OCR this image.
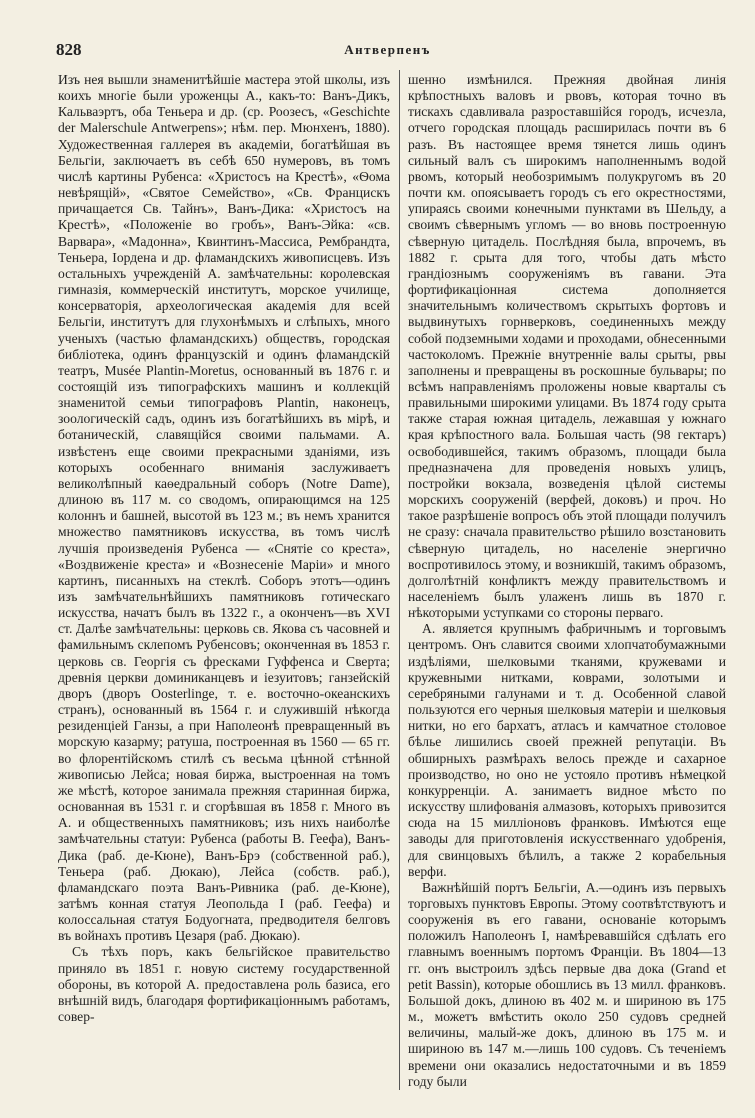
828	Антверпенъ

Изъ нея вышли знаменитѣйшіе мастера этой школы, изъ коихъ многіе были уроженцы А., какъ-то: Ванъ-Дикъ, Кальваэртъ, оба Теньера и др. (ср. Роозесъ, «Geschichte der Malerschule Antwerpens»; нѣм. пер. Мюнхенъ, 1880). Художественная галлерея въ академіи, богатѣйшая въ Бельгіи, заключаетъ въ себѣ 650 нумеровъ, въ томъ числѣ картины Рубенса: «Христосъ на Крестѣ», «Ѳома невѣрящій», «Святое Семейство», «Св. Францискъ причащается Св. Тайнъ», Ванъ-Дика: «Христосъ на Крестѣ», «Положеніе во гробъ», Ванъ-Эйка: «св. Варвара», «Мадонна», Квинтинъ-Массиса, Рембрандта, Теньера, Іорденa и др. фламандскихъ живописцевъ. Изъ остальныхъ учрежденій А. замѣчательны: королевская гимназія, коммерческій институтъ, морское училище, консерваторія, археологическая академія для всей Бельгіи, институтъ для глухонѣмыхъ и слѣпыхъ, много ученыхъ (частью фламандскихъ) обществъ, городская библіотека, одинъ французскій и одинъ фламандскій театръ, Musée Plantin-Moretus, основанный въ 1876 г. и состоящій изъ типографскихъ машинъ и коллекцій знаменитой семьи типографовъ Plantin, наконецъ, зоологическій садъ, одинъ изъ богатѣйшихъ въ мірѣ, и ботаническій, славящійся своими пальмами. А. извѣстенъ еще своими прекрасными зданіями, изъ которыхъ особеннаго вниманія заслуживаетъ великолѣпный каѳедральный соборъ (Notre Dame), длиною въ 117 м. со сводомъ, опирающимся на 125 колоннъ и башней, высотой въ 123 м.; въ немъ хранится множество памятниковъ искусства, въ томъ числѣ лучшія произведенія Рубенса — «Снятіе со креста», «Воздвиженіе креста» и «Вознесеніе Маріи» и много картинъ, писанныхъ на стеклѣ. Соборъ этотъ—одинъ изъ замѣчательнѣйшихъ памятниковъ готическаго искусства, начатъ былъ въ 1322 г., а оконченъ—въ XVI ст. Далѣе замѣчательны: церковь св. Якова съ часовней и фамильнымъ склепомъ Рубенсовъ; оконченная въ 1853 г. церковь св. Георгія съ фресками Гуффенса и Сверта; древнія церкви доминиканцевъ и іезуитовъ; ганзейскій дворъ (дворъ Oosterlinge, т. е. восточно-океанскихъ странъ), основанный въ 1564 г. и служившій нѣкогда резиденціей Ганзы, а при Наполеонѣ превращенный въ морскую казарму; ратуша, построенная въ 1560 — 65 гг. во флорентійскомъ стилѣ съ весьма цѣнной стѣнной живописью Лейса; новая биржа, выстроенная на томъ же мѣстѣ, которое занимала прежняя старинная биржа, основанная въ 1531 г. и сгорѣвшая въ 1858 г. Много въ А. и общественныхъ памятниковъ; изъ нихъ наиболѣе замѣчательны статуи: Рубенса (работы В. Геефа), Ванъ-Дика (раб. де-Кюне), Ванъ-Брэ (собственной раб.), Теньера (раб. Дюкаю), Лейса (собств. раб.), фламандскаго поэта Ванъ-Ривника (раб. де-Кюне), затѣмъ конная статуя Леопольда I (раб. Геефа) и колоссальная статуя Бодуогната, предводителя белговъ въ войнахъ противъ Цезаря (раб. Дюкаю).

Съ тѣхъ поръ, какъ бельгійское правительство приняло въ 1851 г. новую систему государственной обороны, въ которой А. предоставлена роль базиса, его внѣшній видъ, благодаря фортификаціоннымъ работамъ, совер-

шенно измѣнился. Прежняя двойная линія крѣпостныхъ валовъ и рвовъ, которая точно въ тискахъ сдавливала разроставшійся городъ, исчезла, отчего городская площадь расширилась почти въ 6 разъ. Въ настоящее время тянется лишь одинъ сильный валъ съ широкимъ наполненнымъ водой рвомъ, который необозримымъ полукругомъ въ 20 почти км. опоясываетъ городъ съ его окрестностями, упираясь своими конечными пунктами въ Шельду, а своимъ сѣвернымъ угломъ — во вновь построенную сѣверную цитадель. Послѣдняя была, впрочемъ, въ 1882 г. срыта для того, чтобы дать мѣсто грандіознымъ сооруженіямъ въ гавани. Эта фортификаціонная система дополняется значительнымъ количествомъ скрытыхъ фортовъ и выдвинутыхъ горнверковъ, соединенныхъ между собой подземными ходами и проходами, обнесенными частоколомъ. Прежніе внутренніе валы срыты, рвы заполнены и превращены въ роскошные бульвары; по всѣмъ направленіямъ проложены новые кварталы съ правильными широкими улицами. Въ 1874 году срыта также старая южная цитадель, лежавшая у южнаго края крѣпостного вала. Большая часть (98 гектаръ) освободившейся, такимъ образомъ, площади была предназначена для проведенія новыхъ улицъ, постройки вокзала, возведенія цѣлой системы морскихъ сооруженій (верфей, доковъ) и проч. Но такое разрѣшеніе вопросъ объ этой площади получилъ не сразу: сначала правительство рѣшило возстановить сѣверную цитадель, но населеніе энергично воспротивилось этому, и возникшій, такимъ образомъ, долголѣтній конфликтъ между правительствомъ и населеніемъ былъ улаженъ лишь въ 1870 г. нѣкоторыми уступками со стороны перваго.

А. является крупнымъ фабричнымъ и торговымъ центромъ. Онъ славится своими хлопчатобумажными издѣліями, шелковыми тканями, кружевами и кружевными нитками, коврами, золотыми и серебряными галунами и т. д. Особенной славой пользуются его черныя шелковыя матеріи и шелковыя нитки, но его бархатъ, атласъ и камчатное столовое бѣлье лишились своей прежней репутаціи. Въ обширныхъ размѣрахъ велось прежде и сахарное производство, но оно не устояло противъ нѣмецкой конкурренціи. А. занимаетъ видное мѣсто по искусству шлифованія алмазовъ, которыхъ привозится сюда на 15 милліоновъ франковъ. Имѣются еще заводы для приготовленія искусственнаго удобренія, для свинцовыхъ бѣлилъ, а также 2 корабельныя верфи.

Важнѣйшій портъ Бельгіи, А.—одинъ изъ первыхъ торговыхъ пунктовъ Европы. Этому соотвѣтствуютъ и сооруженія въ его гавани, основаніе которымъ положилъ Наполеонъ I, намѣревавшійся сдѣлать его главнымъ военнымъ портомъ Франціи. Въ 1804—13 гг. онъ выстроилъ здѣсь первые два дока (Grand et petit Bassin), которые обошлись въ 13 милл. франковъ. Большой докъ, длиною въ 402 м. и шириною въ 175 м., можетъ вмѣстить около 250 судовъ средней величины, малый-же докъ, длиною въ 175 м. и шириною въ 147 м.—лишь 100 судовъ. Съ теченіемъ времени они оказались недостаточными и въ 1859 году были
